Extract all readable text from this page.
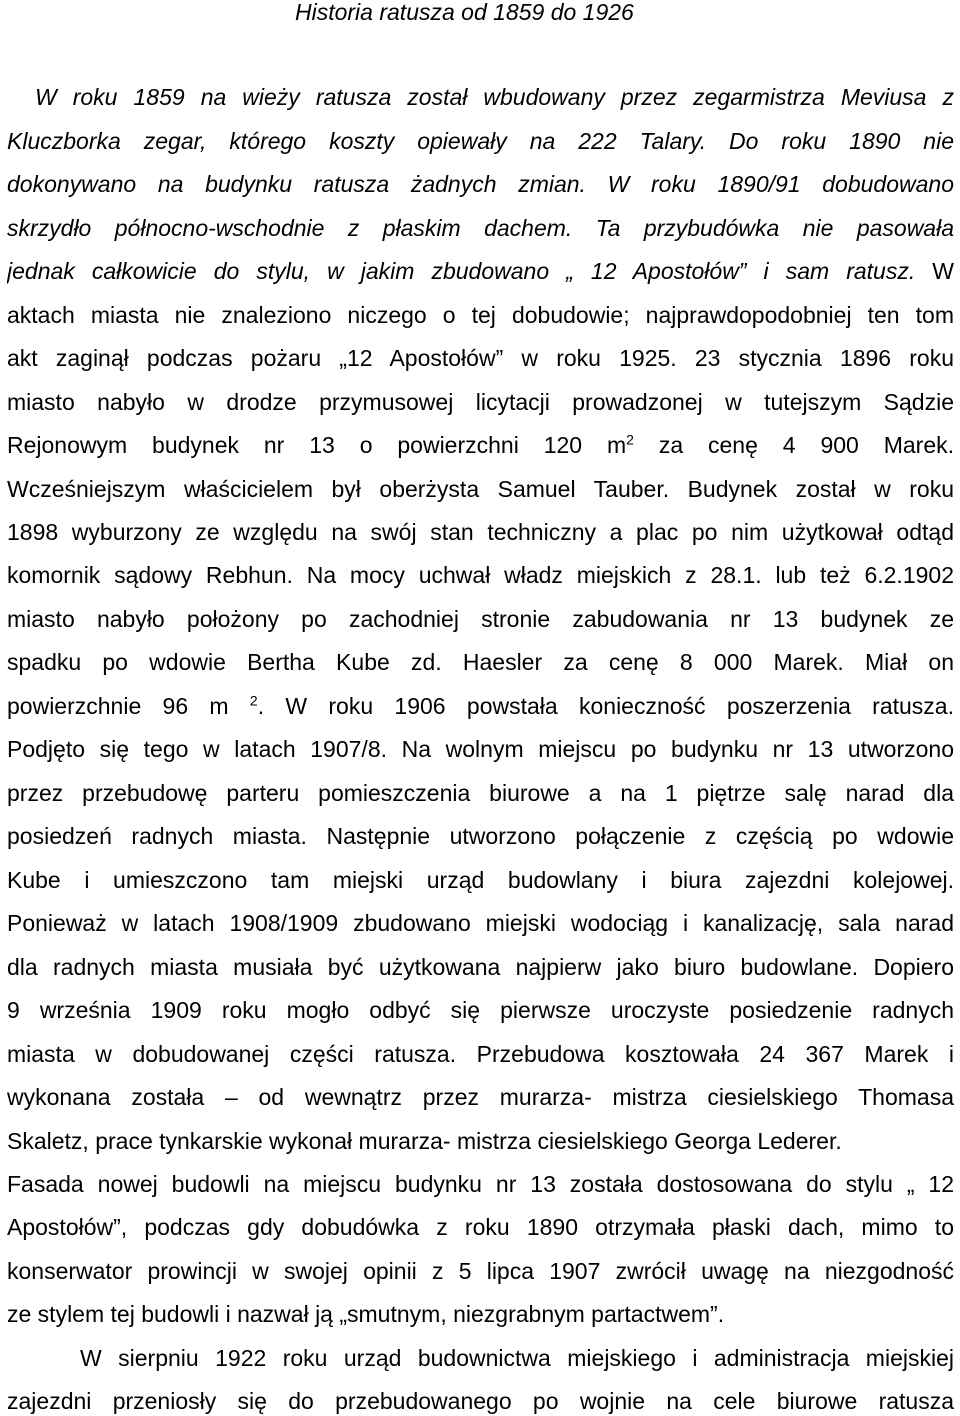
Historia ratusza od 1859 do 1926
W roku 1859 na wieży ratusza został wbudowany przez zegarmistrza Meviusa z
Kluczborka zegar, którego koszty opiewały na 222 Talary. Do roku 1890 nie
dokonywano na budynku ratusza żadnych zmian. W roku 1890/91 dobudowano
skrzydło północno-wschodnie z płaskim dachem. Ta przybudówka nie pasowała
jednak całkowicie do stylu, w jakim zbudowano „ 12 Apostołów” i sam ratusz. W
aktach miasta nie znaleziono niczego o tej dobudowie; najprawdopodobniej ten tom
akt zaginął podczas pożaru „12 Apostołów” w roku 1925. 23 stycznia 1896 roku
miasto nabyło w drodze przymusowej licytacji prowadzonej w tutejszym Sądzie
Rejonowym budynek nr 13 o powierzchni 120 $m^2$ za cenę 4 900 Marek.
Wcześniejszym właścicielem był oberżysta Samuel Tauber. Budynek został w roku
1898 wyburzony ze względu na swój stan techniczny a plac po nim użytkował odtąd
komornik sądowy Rebhun. Na mocy uchwał władz miejskich z 28.1. lub też 6.2.1902
miasto nabyło położony po zachodniej stronie zabudowania nr 13 budynek ze
spadku po wdowie Bertha Kube zd. Haesler za cenę 8 000 Marek. Miał on
powierzchnie 96 m $^2$. W roku 1906 powstała konieczność poszerzenia ratusza.
Podjęto się tego w latach 1907/8. Na wolnym miejscu po budynku nr 13 utworzono
przez przebudowę parteru pomieszczenia biurowe a na 1 piętrze salę narad dla
posiedzeń radnych miasta. Następnie utworzono połączenie z częścią po wdowie
Kube i umieszczono tam miejski urząd budowlany i biura zajezdni kolejowej.
Ponieważ w latach 1908/1909 zbudowano miejski wodociąg i kanalizację, sala narad
dla radnych miasta musiała być użytkowana najpierw jako biuro budowlane. Dopiero
9 września 1909 roku mogło odbyć się pierwsze uroczyste posiedzenie radnych
miasta w dobudowanej części ratusza. Przebudowa kosztowała 24 367 Marek i
wykonana została – od wewnątrz przez murarza- mistrza ciesielskiego Thomasa
Skaletz, prace tynkarskie wykonał murarza- mistrza ciesielskiego Georga Lederer.
Fasada nowej budowli na miejscu budynku nr 13 została dostosowana do stylu „ 12
Apostołów”, podczas gdy dobudówka z roku 1890 otrzymała płaski dach, mimo to
konserwator prowincji w swojej opinii z 5 lipca 1907 zwrócił uwagę na niezgodność
ze stylem tej budowli i nazwał ją „smutnym, niezgrabnym partactwem”.
W sierpniu 1922 roku urząd budownictwa miejskiego i administracja miejskiej
zajezdni przeniosły się do przebudowanego po wojnie na cele biurowe ratusza
